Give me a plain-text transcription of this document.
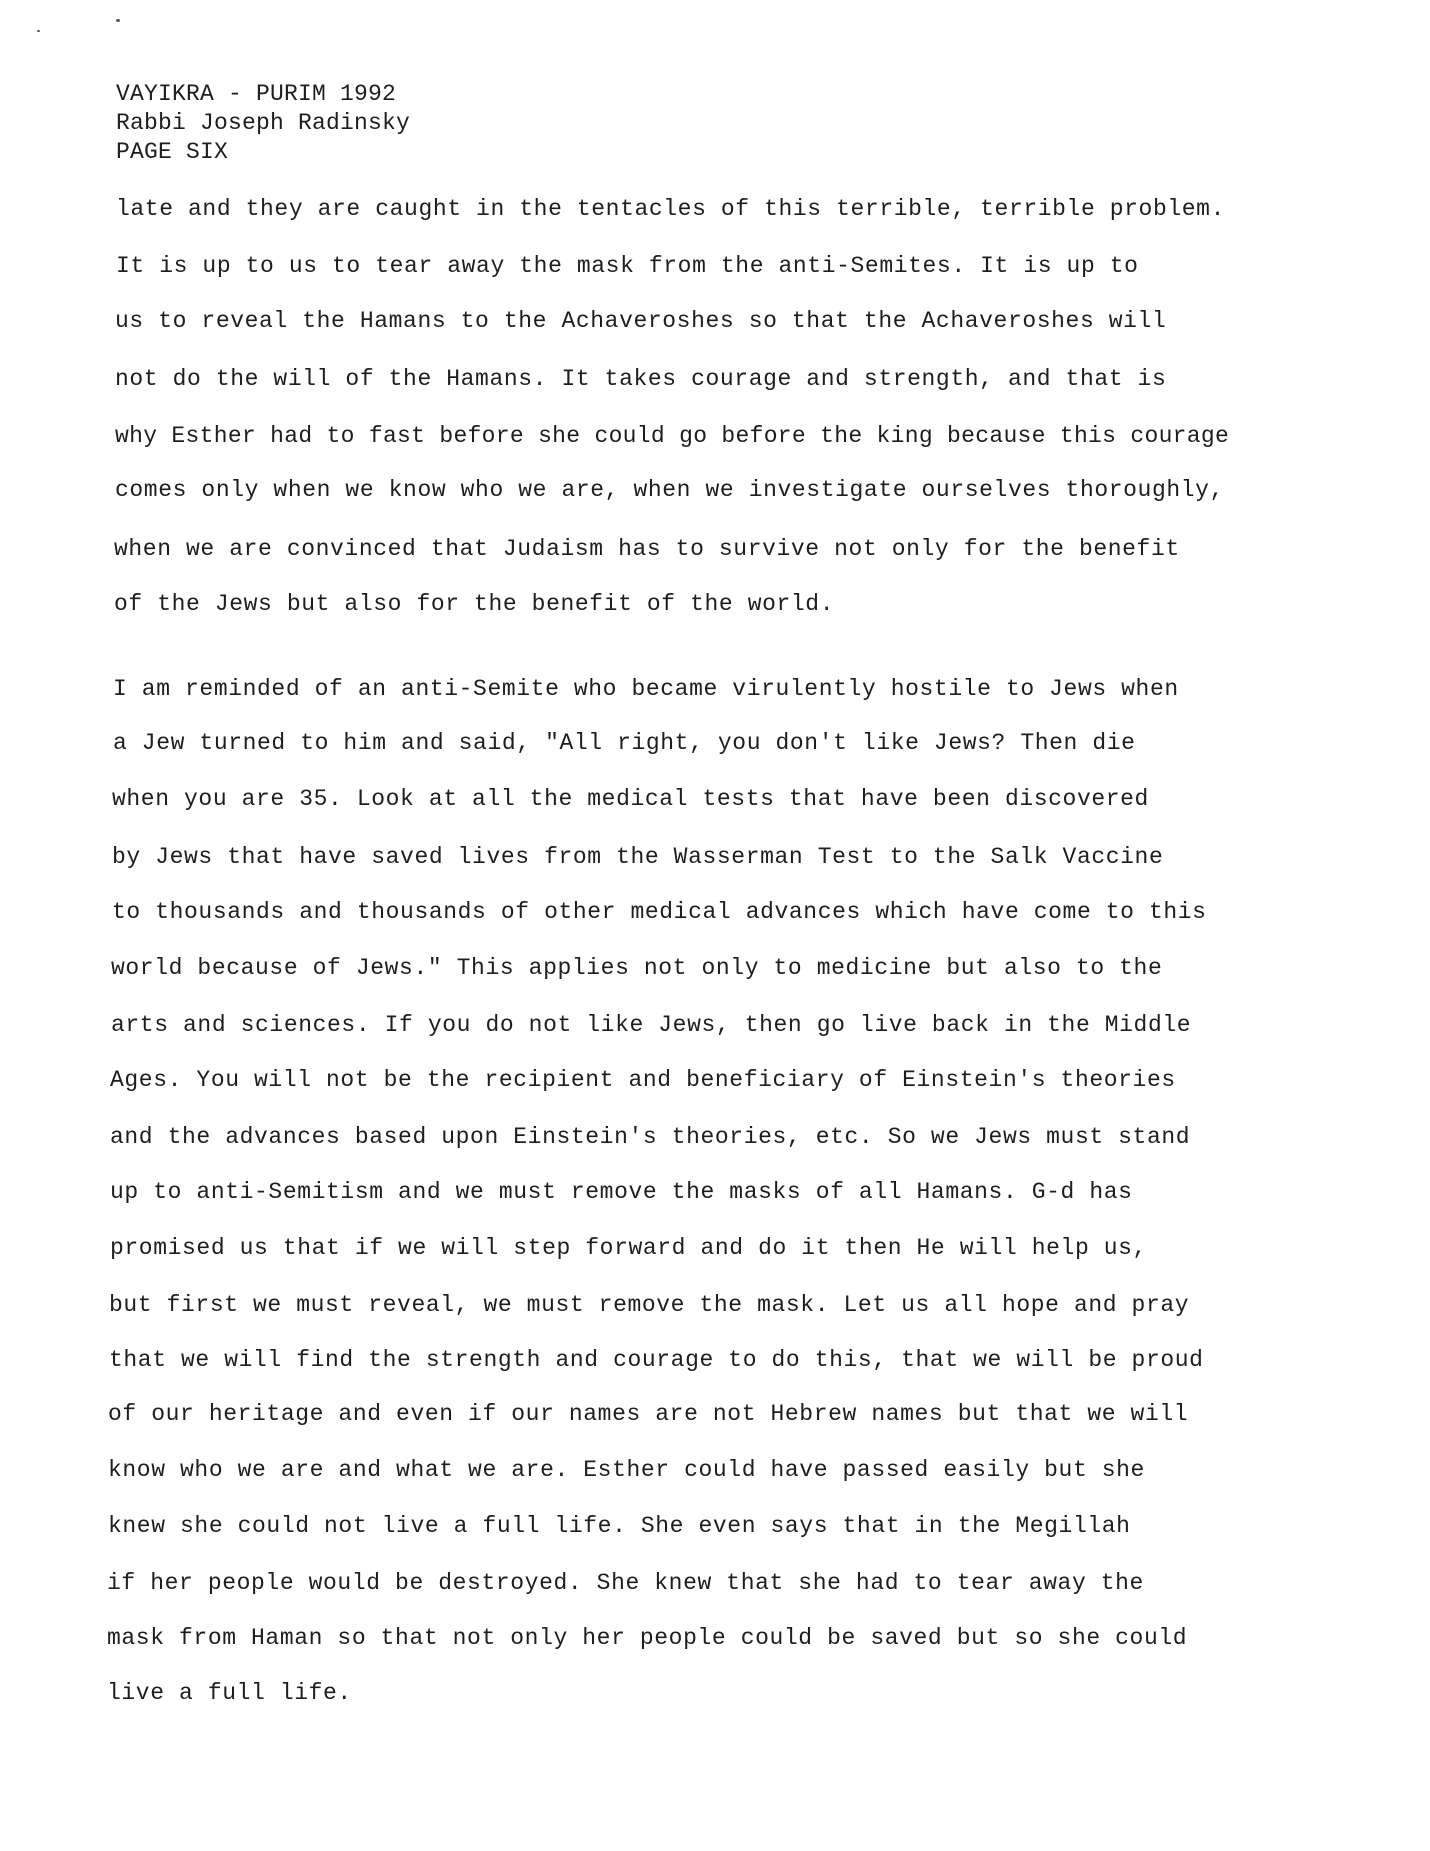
VAYIKRA - PURIM 1992
Rabbi Joseph Radinsky
PAGE SIX
late and they are caught in the tentacles of this terrible, terrible problem.
It is up to us to tear away the mask from the anti-Semites. It is up to
us to reveal the Hamans to the Achaveroshes so that the Achaveroshes will
not do the will of the Hamans. It takes courage and strength, and that is
why Esther had to fast before she could go before the king because this courage
comes only when we know who we are, when we investigate ourselves thoroughly,
when we are convinced that Judaism has to survive not only for the benefit
of the Jews but also for the benefit of the world.
I am reminded of an anti-Semite who became virulently hostile to Jews when
a Jew turned to him and said, "All right, you don't like Jews? Then die
when you are 35. Look at all the medical tests that have been discovered
by Jews that have saved lives from the Wasserman Test to the Salk Vaccine
to thousands and thousands of other medical advances which have come to this
world because of Jews." This applies not only to medicine but also to the
arts and sciences. If you do not like Jews, then go live back in the Middle
Ages. You will not be the recipient and beneficiary of Einstein's theories
and the advances based upon Einstein's theories, etc. So we Jews must stand
up to anti-Semitism and we must remove the masks of all Hamans. G-d has
promised us that if we will step forward and do it then He will help us,
but first we must reveal, we must remove the mask. Let us all hope and pray
that we will find the strength and courage to do this, that we will be proud
of our heritage and even if our names are not Hebrew names but that we will
know who we are and what we are. Esther could have passed easily but she
knew she could not live a full life. She even says that in the Megillah
if her people would be destroyed. She knew that she had to tear away the
mask from Haman so that not only her people could be saved but so she could
live a full life.
